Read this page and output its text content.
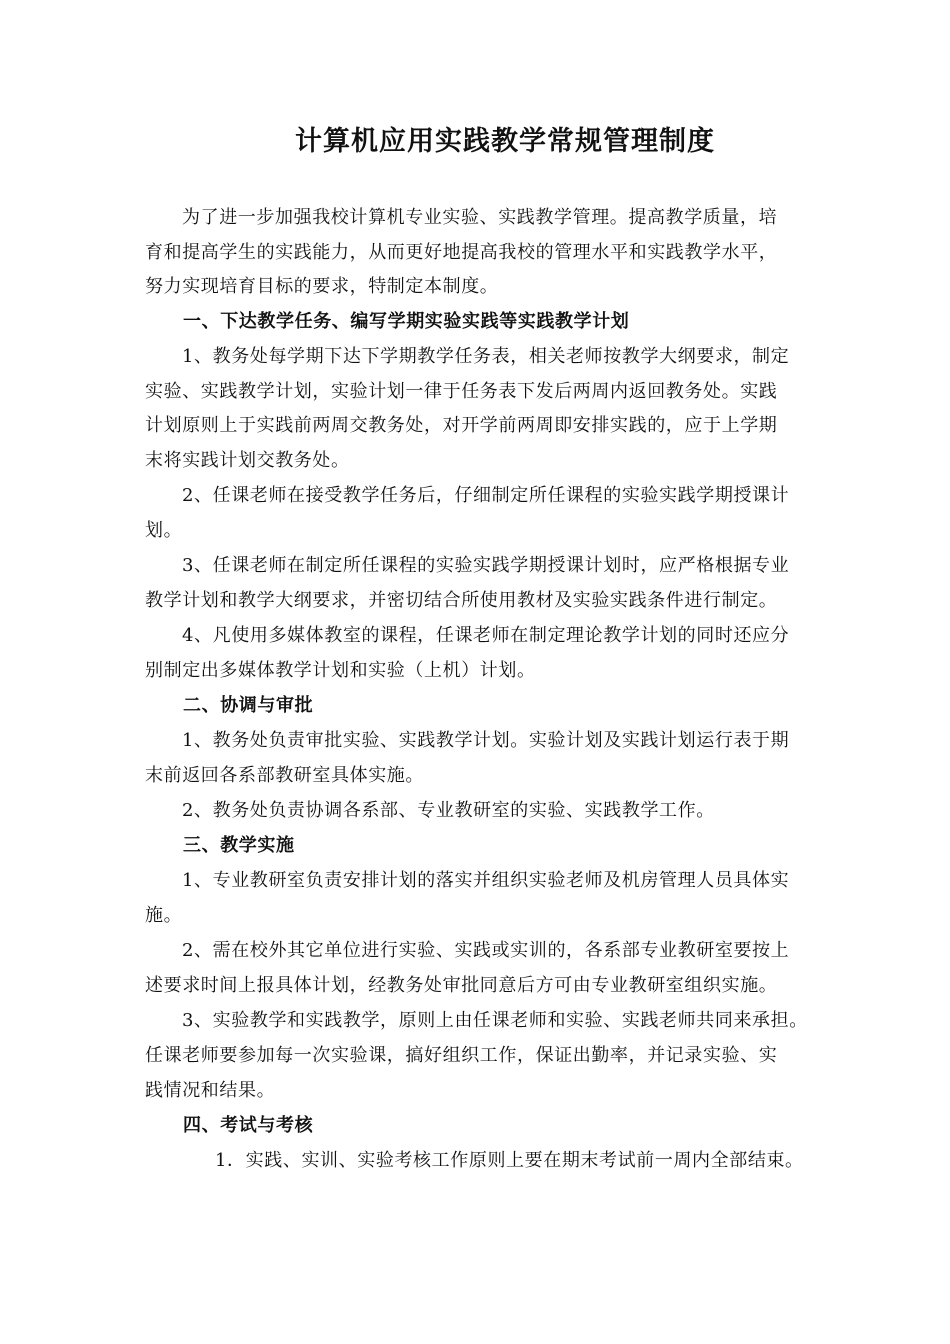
计算机应用实践教学常规管理制度

为了进一步加强我校计算机专业实验、实践教学管理。提高教学质量，培

育和提高学生的实践能力，从而更好地提高我校的管理水平和实践教学水平，

努力实现培育目标的要求，特制定本制度。

一、下达教学任务、编写学期实验实践等实践教学计划

1、教务处每学期下达下学期教学任务表，相关老师按教学大纲要求，制定

实验、实践教学计划，实验计划一律于任务表下发后两周内返回教务处。实践

计划原则上于实践前两周交教务处，对开学前两周即安排实践的，应于上学期

末将实践计划交教务处。

2、任课老师在接受教学任务后，仔细制定所任课程的实验实践学期授课计

划。

3、任课老师在制定所任课程的实验实践学期授课计划时，应严格根据专业

教学计划和教学大纲要求，并密切结合所使用教材及实验实践条件进行制定。

4、凡使用多媒体教室的课程，任课老师在制定理论教学计划的同时还应分

别制定出多媒体教学计划和实验（上机）计划。

二、协调与审批

1、教务处负责审批实验、实践教学计划。实验计划及实践计划运行表于期

末前返回各系部教研室具体实施。

2、教务处负责协调各系部、专业教研室的实验、实践教学工作。

三、教学实施

1、专业教研室负责安排计划的落实并组织实验老师及机房管理人员具体实

施。

2、需在校外其它单位进行实验、实践或实训的，各系部专业教研室要按上

述要求时间上报具体计划，经教务处审批同意后方可由专业教研室组织实施。

3、实验教学和实践教学，原则上由任课老师和实验、实践老师共同来承担。

任课老师要参加每一次实验课，搞好组织工作，保证出勤率，并记录实验、实

践情况和结果。

四、考试与考核

1．实践、实训、实验考核工作原则上要在期末考试前一周内全部结束。
